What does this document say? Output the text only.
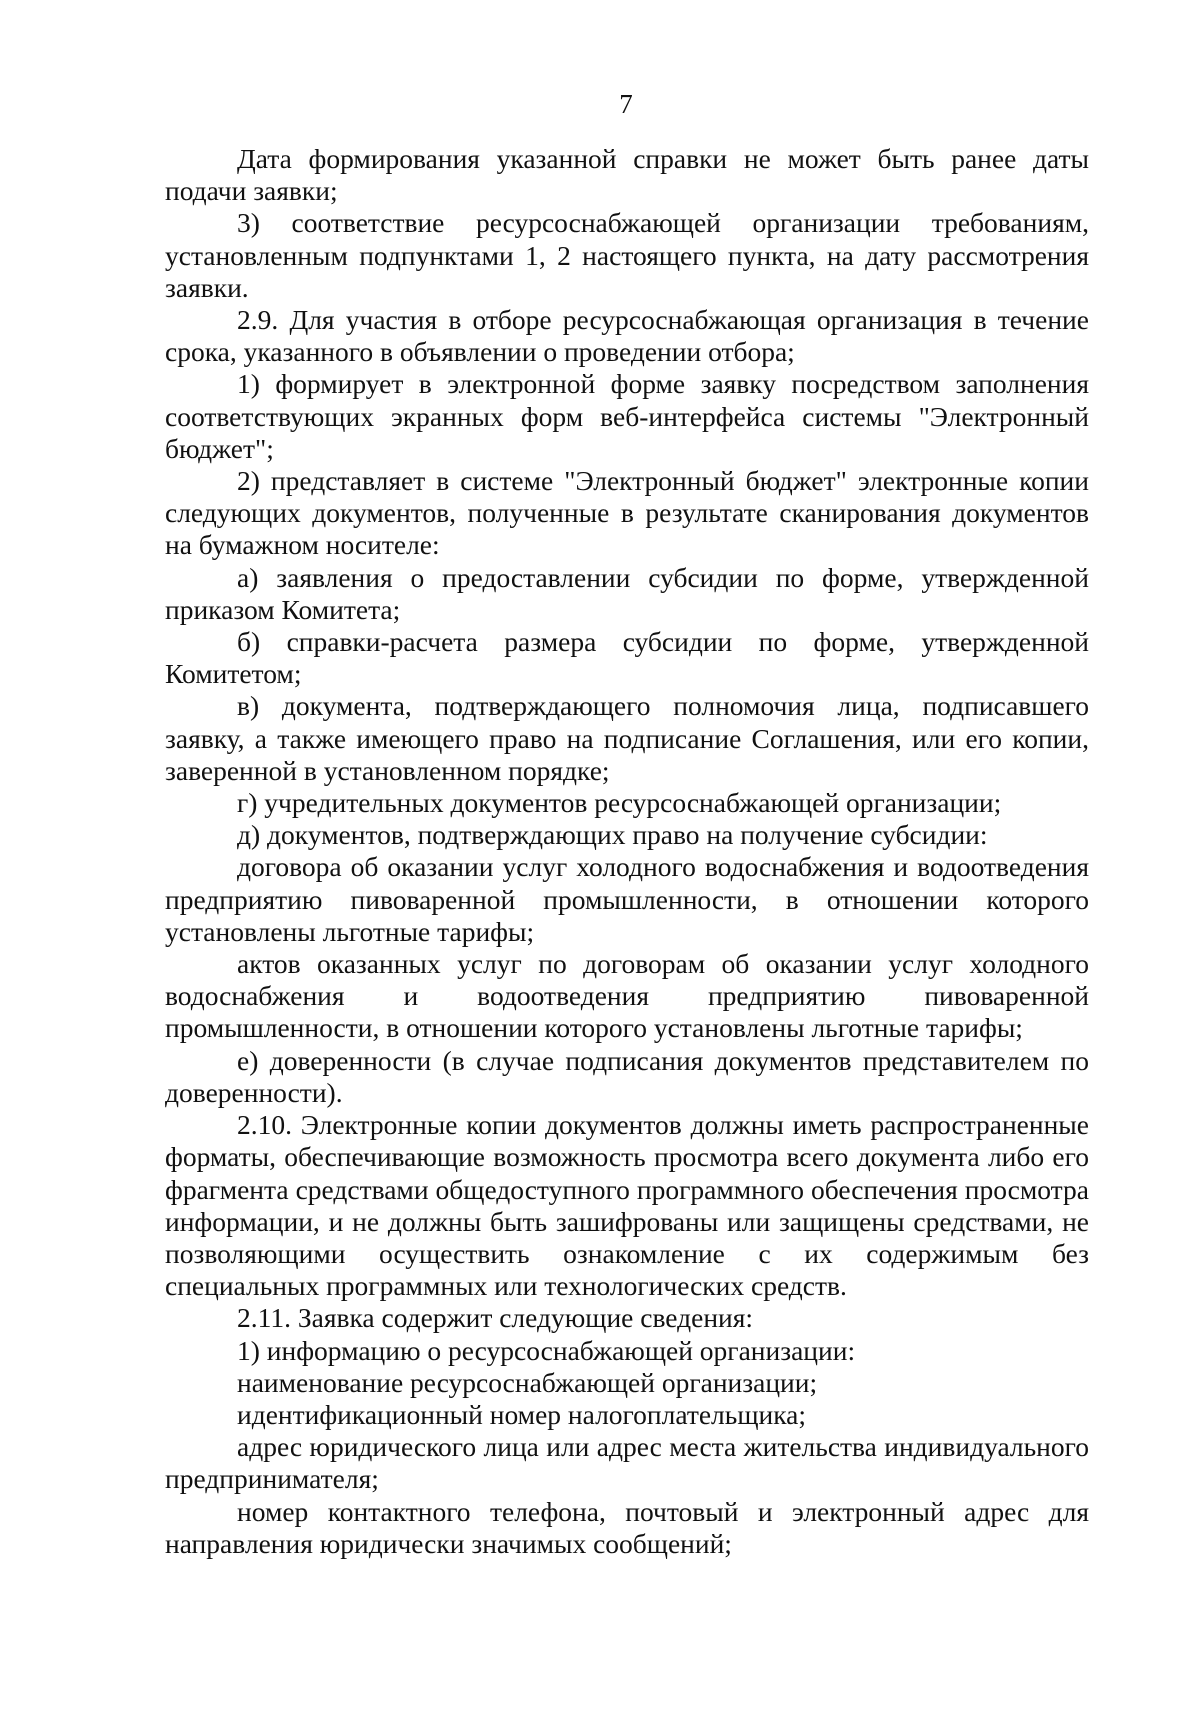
7

Дата формирования указанной справки не может быть ранее даты подачи заявки;

3) соответствие ресурсоснабжающей организации требованиям, установленным подпунктами 1, 2 настоящего пункта, на дату рассмотрения заявки.

2.9. Для участия в отборе ресурсоснабжающая организация в течение срока, указанного в объявлении о проведении отбора;

1) формирует в электронной форме заявку посредством заполнения соответствующих экранных форм веб-интерфейса системы "Электронный бюджет";

2) представляет в системе "Электронный бюджет" электронные копии следующих документов, полученные в результате сканирования документов на бумажном носителе:

а) заявления о предоставлении субсидии по форме, утвержденной приказом Комитета;

б) справки-расчета размера субсидии по форме, утвержденной Комитетом;

в) документа, подтверждающего полномочия лица, подписавшего заявку, а также имеющего право на подписание Соглашения, или его копии, заверенной в установленном порядке;

г) учредительных документов ресурсоснабжающей организации;

д) документов, подтверждающих право на получение субсидии:

договора об оказании услуг холодного водоснабжения и водоотведения предприятию пивоваренной промышленности, в отношении которого установлены льготные тарифы;

актов оказанных услуг по договорам об оказании услуг холодного водоснабжения и водоотведения предприятию пивоваренной промышленности, в отношении которого установлены льготные тарифы;

е) доверенности (в случае подписания документов представителем по доверенности).

2.10. Электронные копии документов должны иметь распространенные форматы, обеспечивающие возможность просмотра всего документа либо его фрагмента средствами общедоступного программного обеспечения просмотра информации, и не должны быть зашифрованы или защищены средствами, не позволяющими осуществить ознакомление с их содержимым без специальных программных или технологических средств.

2.11. Заявка содержит следующие сведения:

1) информацию о ресурсоснабжающей организации:

наименование ресурсоснабжающей организации;

идентификационный номер налогоплательщика;

адрес юридического лица или адрес места жительства индивидуального предпринимателя;

номер контактного телефона, почтовый и электронный адрес для направления юридически значимых сообщений;
